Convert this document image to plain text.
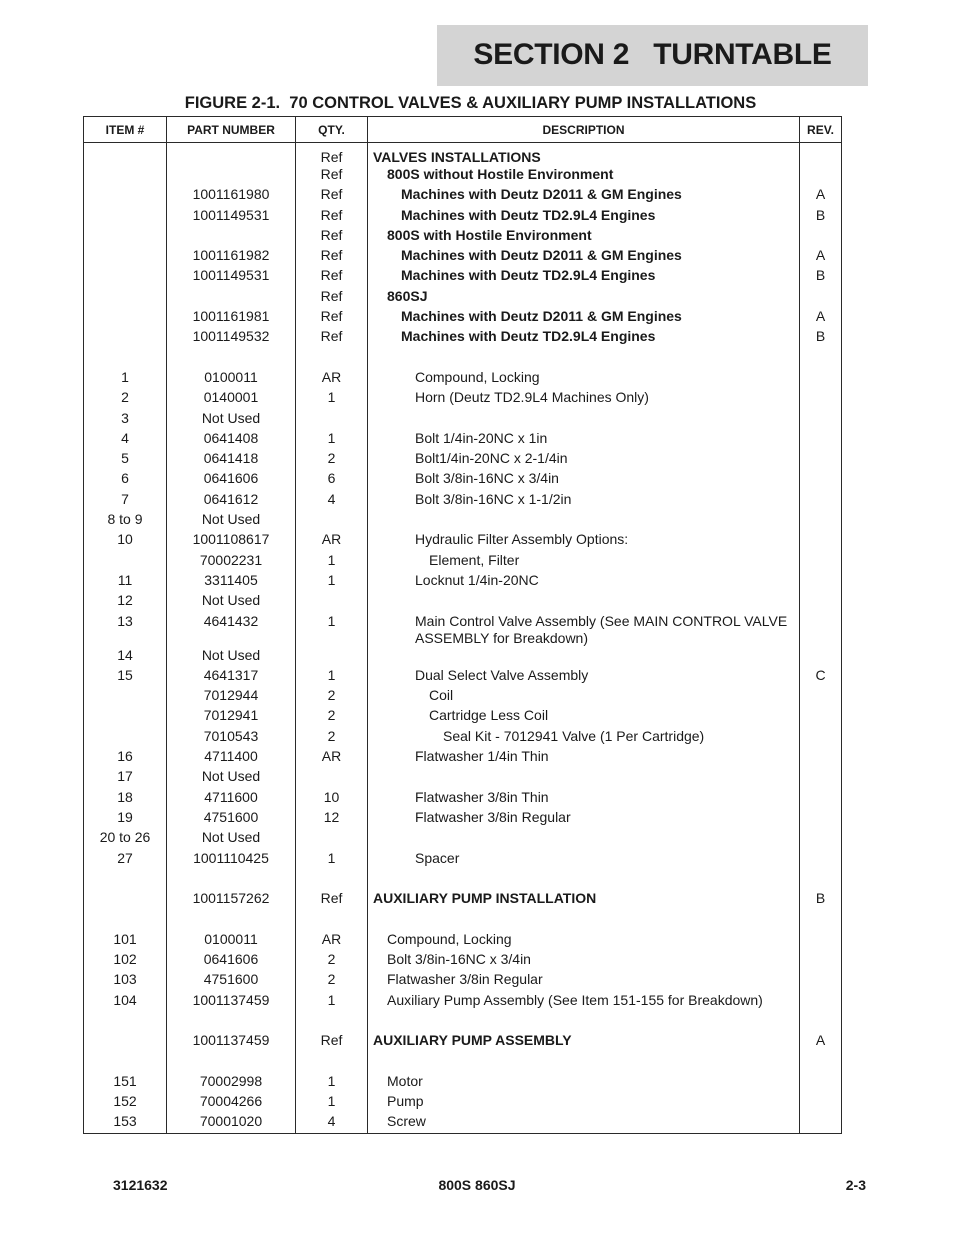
SECTION 2   TURNTABLE
FIGURE 2-1.  70 CONTROL VALVES & AUXILIARY PUMP INSTALLATIONS
ITEM #	PART NUMBER	QTY.	DESCRIPTION	REV.
		Ref	VALVES INSTALLATIONS	

		Ref	800S without Hostile Environment	

	1001161980	Ref	Machines with Deutz D2011 & GM Engines	A
	1001149531	Ref	Machines with Deutz TD2.9L4 Engines	B
		Ref	800S with Hostile Environment	

	1001161982	Ref	Machines with Deutz D2011 & GM Engines	A
	1001149531	Ref	Machines with Deutz TD2.9L4 Engines	B
		Ref	860SJ	

	1001161981	Ref	Machines with Deutz D2011 & GM Engines	A
	1001149532	Ref	Machines with Deutz TD2.9L4 Engines	B

1	0100011	AR	Compound, Locking	

2	0140001	1	Horn (Deutz TD2.9L4 Machines Only)	

3	Not Used		

4	0641408	1	Bolt 1/4in-20NC x 1in	

5	0641418	2	Bolt1/4in-20NC x 2-1/4in	

6	0641606	6	Bolt 3/8in-16NC x 3/4in	

7	0641612	4	Bolt 3/8in-16NC x 1-1/2in	

8 to 9	Not Used		

10	1001108617	AR	Hydraulic Filter Assembly Options:	

	70002231	1	Element, Filter	

11	3311405	1	Locknut 1/4in-20NC	

12	Not Used		

13	4641432	1	Main Control Valve Assembly (See MAIN CONTROL VALVE ASSEMBLY for Breakdown)	

14	Not Used		

15	4641317	1	Dual Select Valve Assembly	C
	7012944	2	Coil	

	7012941	2	Cartridge Less Coil	

	7010543	2	Seal Kit - 7012941 Valve (1 Per Cartridge)	

16	4711400	AR	Flatwasher 1/4in Thin	

17	Not Used		

18	4711600	10	Flatwasher 3/8in Thin	

19	4751600	12	Flatwasher 3/8in Regular	

20 to 26	Not Used		

27	1001110425	1	Spacer	

	1001157262	Ref	AUXILIARY PUMP INSTALLATION	B

101	0100011	AR	Compound, Locking	

102	0641606	2	Bolt 3/8in-16NC x 3/4in	

103	4751600	2	Flatwasher 3/8in Regular	

104	1001137459	1	Auxiliary Pump Assembly (See Item 151-155 for Breakdown)	

	1001137459	Ref	AUXILIARY PUMP ASSEMBLY	A

151	70002998	1	Motor	

152	70004266	1	Pump	

153	70001020	4	Screw	

3121632	800S 860SJ	2-3
